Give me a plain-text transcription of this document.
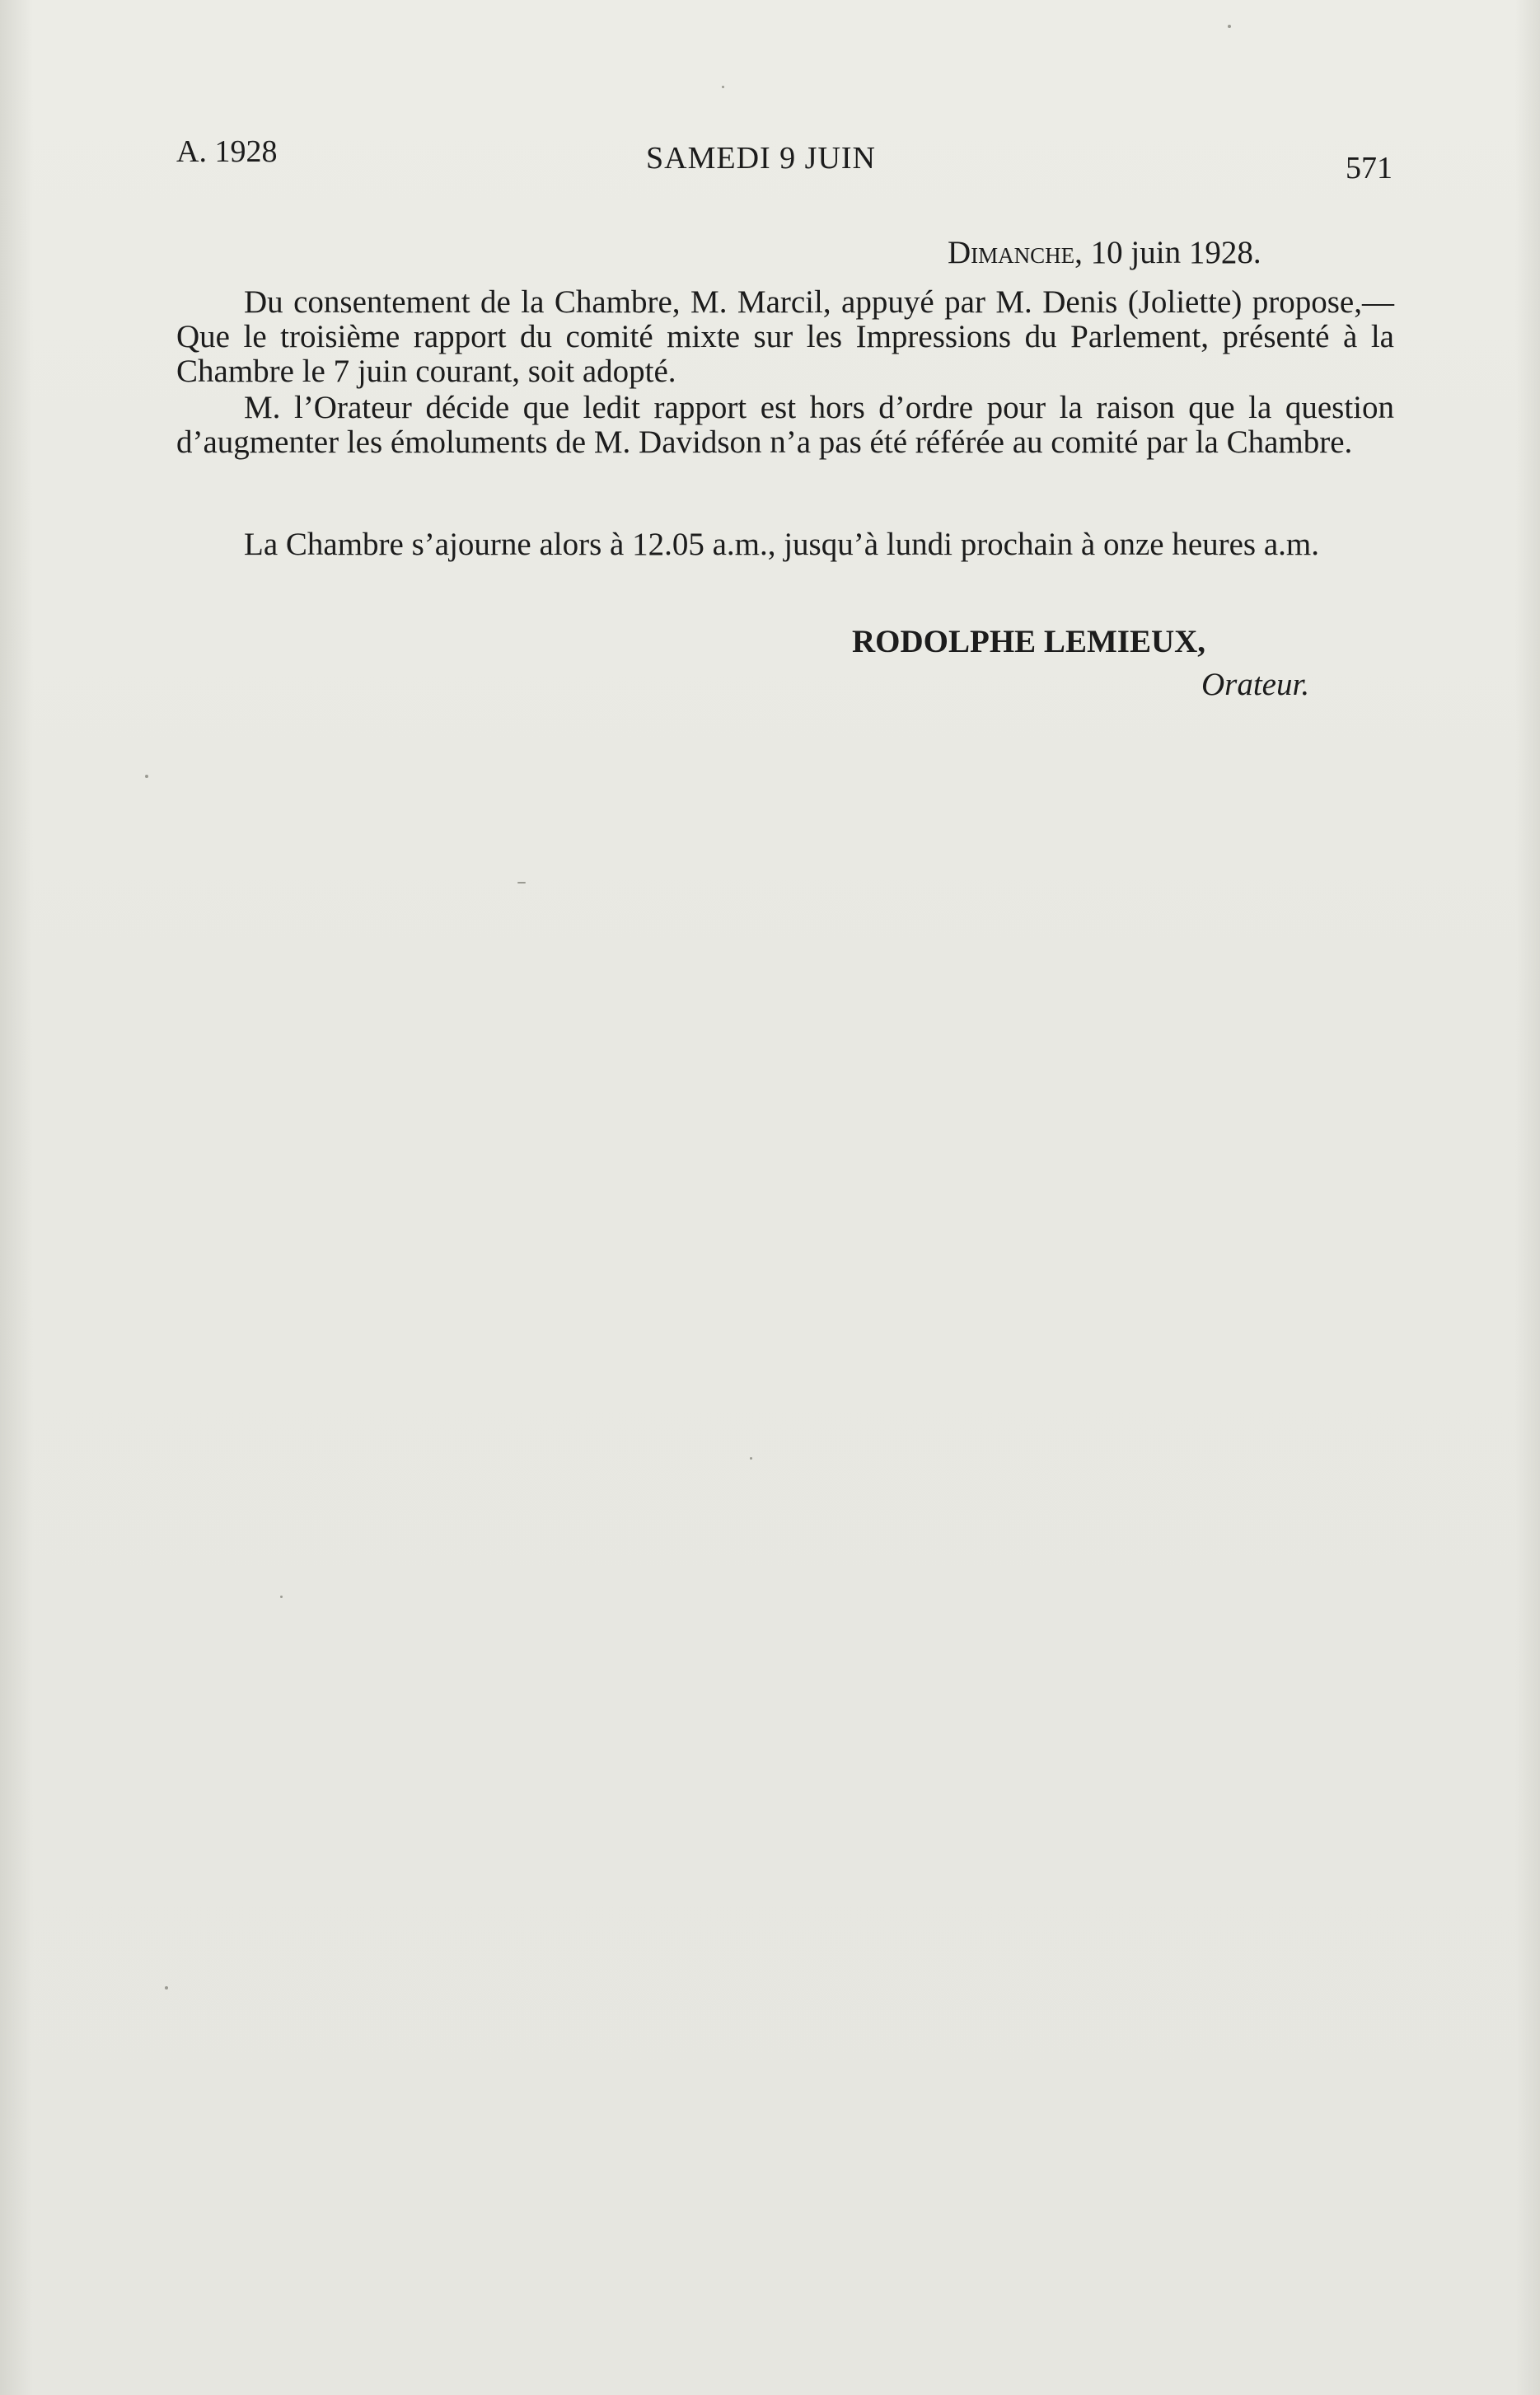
A. 1928	SAMEDI 9 JUIN	571
Dimanche, 10 juin 1928.

Du consentement de la Chambre, M. Marcil, appuyé par M. Denis (Joliette) propose,—Que le troisième rapport du comité mixte sur les Impressions du Parlement, présenté à la Chambre le 7 juin courant, soit adopté.

M. l’Orateur décide que ledit rapport est hors d’ordre pour la raison que la question d’augmenter les émoluments de M. Davidson n’a pas été référée au comité par la Chambre.

La Chambre s’ajourne alors à 12.05 a.m., jusqu’à lundi prochain à onze heures a.m.

RODOLPHE LEMIEUX,
Orateur.
